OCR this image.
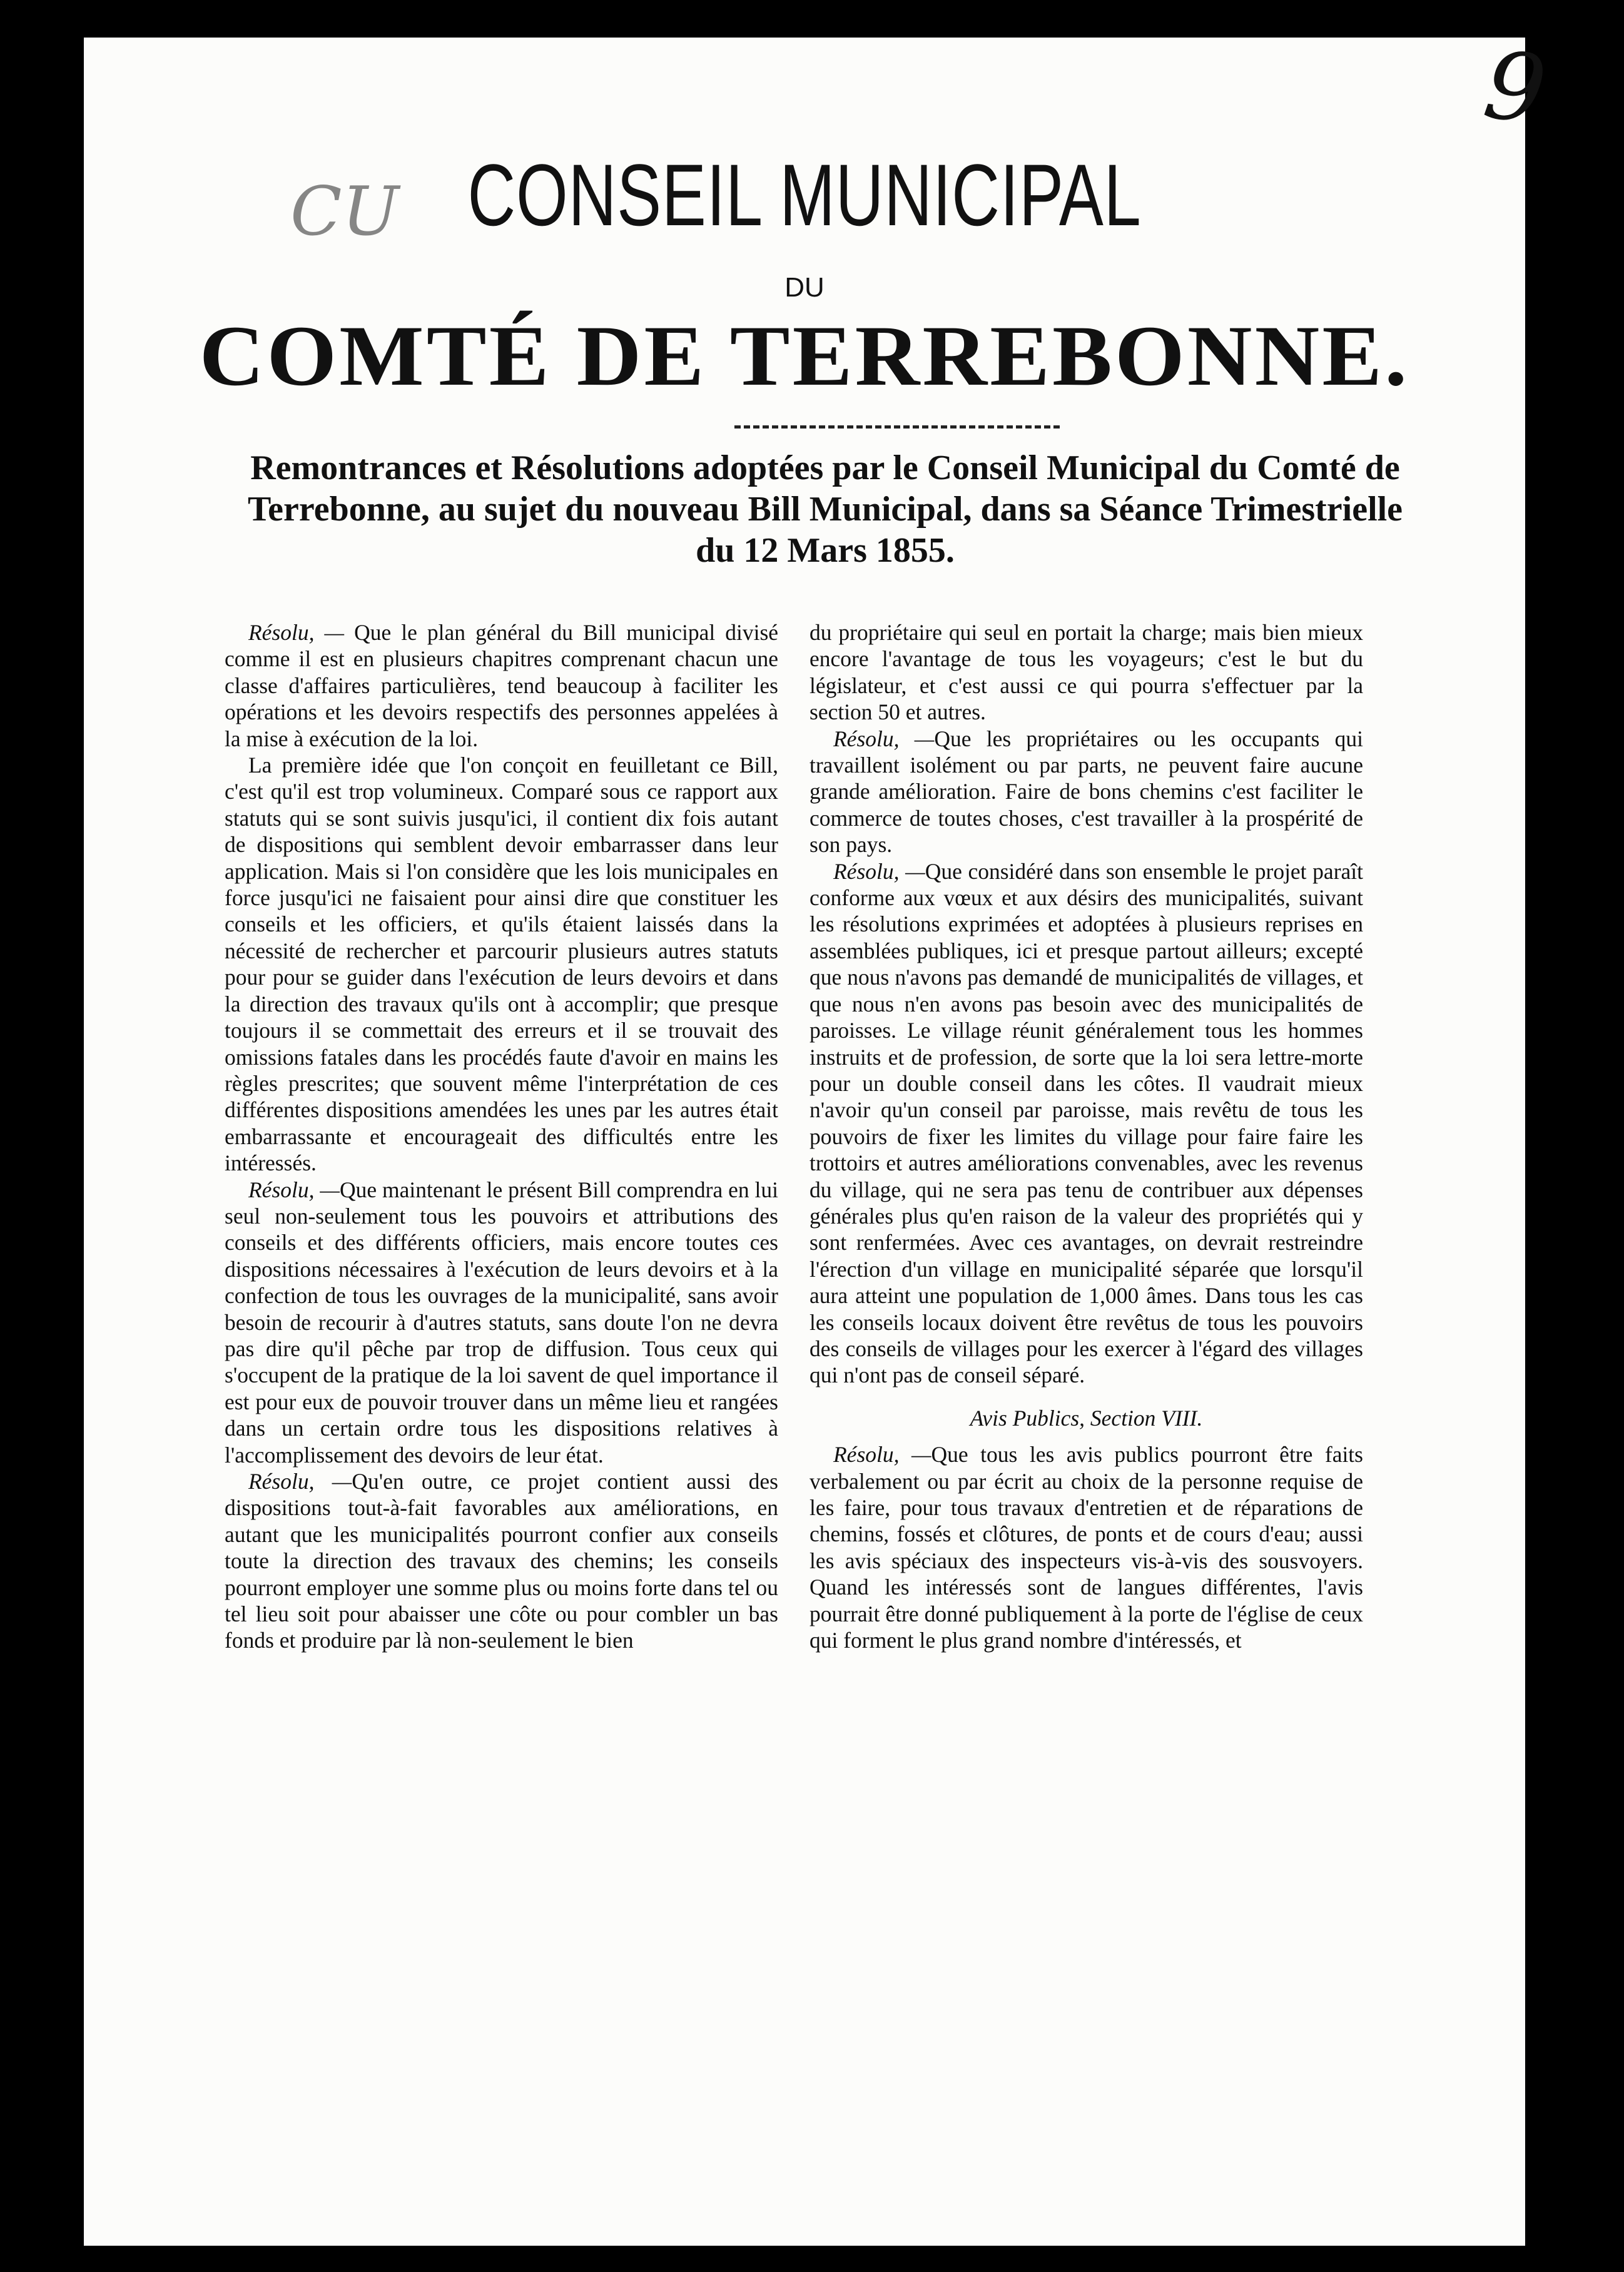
9
CU CONSEIL MUNICIPAL
DU
COMTÉ DE TERREBONNE.
Remontrances et Résolutions adoptées par le Conseil Municipal du Comté de Terrebonne, au sujet du nouveau Bill Municipal, dans sa Séance Trimestrielle du 12 Mars 1855.

Résolu, — Que le plan général du Bill municipal divisé comme il est en plusieurs chapitres comprenant chacun une classe d'affaires particulières, tend beaucoup à faciliter les opérations et les devoirs respectifs des personnes appelées à la mise à exécution de la loi.

La première idée que l'on conçoit en feuilletant ce Bill, c'est qu'il est trop volumineux. Comparé sous ce rapport aux statuts qui se sont suivis jusqu'ici, il contient dix fois autant de dispositions qui semblent devoir embarrasser dans leur application. Mais si l'on considère que les lois municipales en force jusqu'ici ne faisaient pour ainsi dire que constituer les conseils et les officiers, et qu'ils étaient laissés dans la nécessité de rechercher et parcourir plusieurs autres statuts pour pour se guider dans l'exécution de leurs devoirs et dans la direction des travaux qu'ils ont à accomplir; que presque toujours il se commettait des erreurs et il se trouvait des omissions fatales dans les procédés faute d'avoir en mains les règles prescrites; que souvent même l'interprétation de ces différentes dispositions amendées les unes par les autres était embarrassante et encourageait des difficultés entre les intéressés.

Résolu, —Que maintenant le présent Bill comprendra en lui seul non-seulement tous les pouvoirs et attributions des conseils et des différents officiers, mais encore toutes ces dispositions nécessaires à l'exécution de leurs devoirs et à la confection de tous les ouvrages de la municipalité, sans avoir besoin de recourir à d'autres statuts, sans doute l'on ne devra pas dire qu'il pêche par trop de diffusion. Tous ceux qui s'occupent de la pratique de la loi savent de quel importance il est pour eux de pouvoir trouver dans un même lieu et rangées dans un certain ordre tous les dispositions relatives à l'accomplissement des devoirs de leur état.

Résolu, —Qu'en outre, ce projet contient aussi des dispositions tout-à-fait favorables aux améliorations, en autant que les municipalités pourront confier aux conseils toute la direction des travaux des chemins; les conseils pourront employer une somme plus ou moins forte dans tel ou tel lieu soit pour abaisser une côte ou pour combler un bas fonds et produire par là non-seulement le bien

du propriétaire qui seul en portait la charge; mais bien mieux encore l'avantage de tous les voyageurs; c'est le but du législateur, et c'est aussi ce qui pourra s'effectuer par la section 50 et autres.

Résolu, —Que les propriétaires ou les occupants qui travaillent isolément ou par parts, ne peuvent faire aucune grande amélioration. Faire de bons chemins c'est faciliter le commerce de toutes choses, c'est travailler à la prospérité de son pays.

Résolu, —Que considéré dans son ensemble le projet paraît conforme aux vœux et aux désirs des municipalités, suivant les résolutions exprimées et adoptées à plusieurs reprises en assemblées publiques, ici et presque partout ailleurs; excepté que nous n'avons pas demandé de municipalités de villages, et que nous n'en avons pas besoin avec des municipalités de paroisses. Le village réunit généralement tous les hommes instruits et de profession, de sorte que la loi sera lettre-morte pour un double conseil dans les côtes. Il vaudrait mieux n'avoir qu'un conseil par paroisse, mais revêtu de tous les pouvoirs de fixer les limites du village pour faire faire les trottoirs et autres améliorations convenables, avec les revenus du village, qui ne sera pas tenu de contribuer aux dépenses générales plus qu'en raison de la valeur des propriétés qui y sont renfermées. Avec ces avantages, on devrait restreindre l'érection d'un village en municipalité séparée que lorsqu'il aura atteint une population de 1,000 âmes. Dans tous les cas les conseils locaux doivent être revêtus de tous les pouvoirs des conseils de villages pour les exercer à l'égard des villages qui n'ont pas de conseil séparé.

Avis Publics, Section VIII.

Résolu, —Que tous les avis publics pourront être faits verbalement ou par écrit au choix de la personne requise de les faire, pour tous travaux d'entretien et de réparations de chemins, fossés et clôtures, de ponts et de cours d'eau; aussi les avis spéciaux des inspecteurs vis-à-vis des sousvoyers. Quand les intéressés sont de langues différentes, l'avis pourrait être donné publiquement à la porte de l'église de ceux qui forment le plus grand nombre d'intéressés, et
